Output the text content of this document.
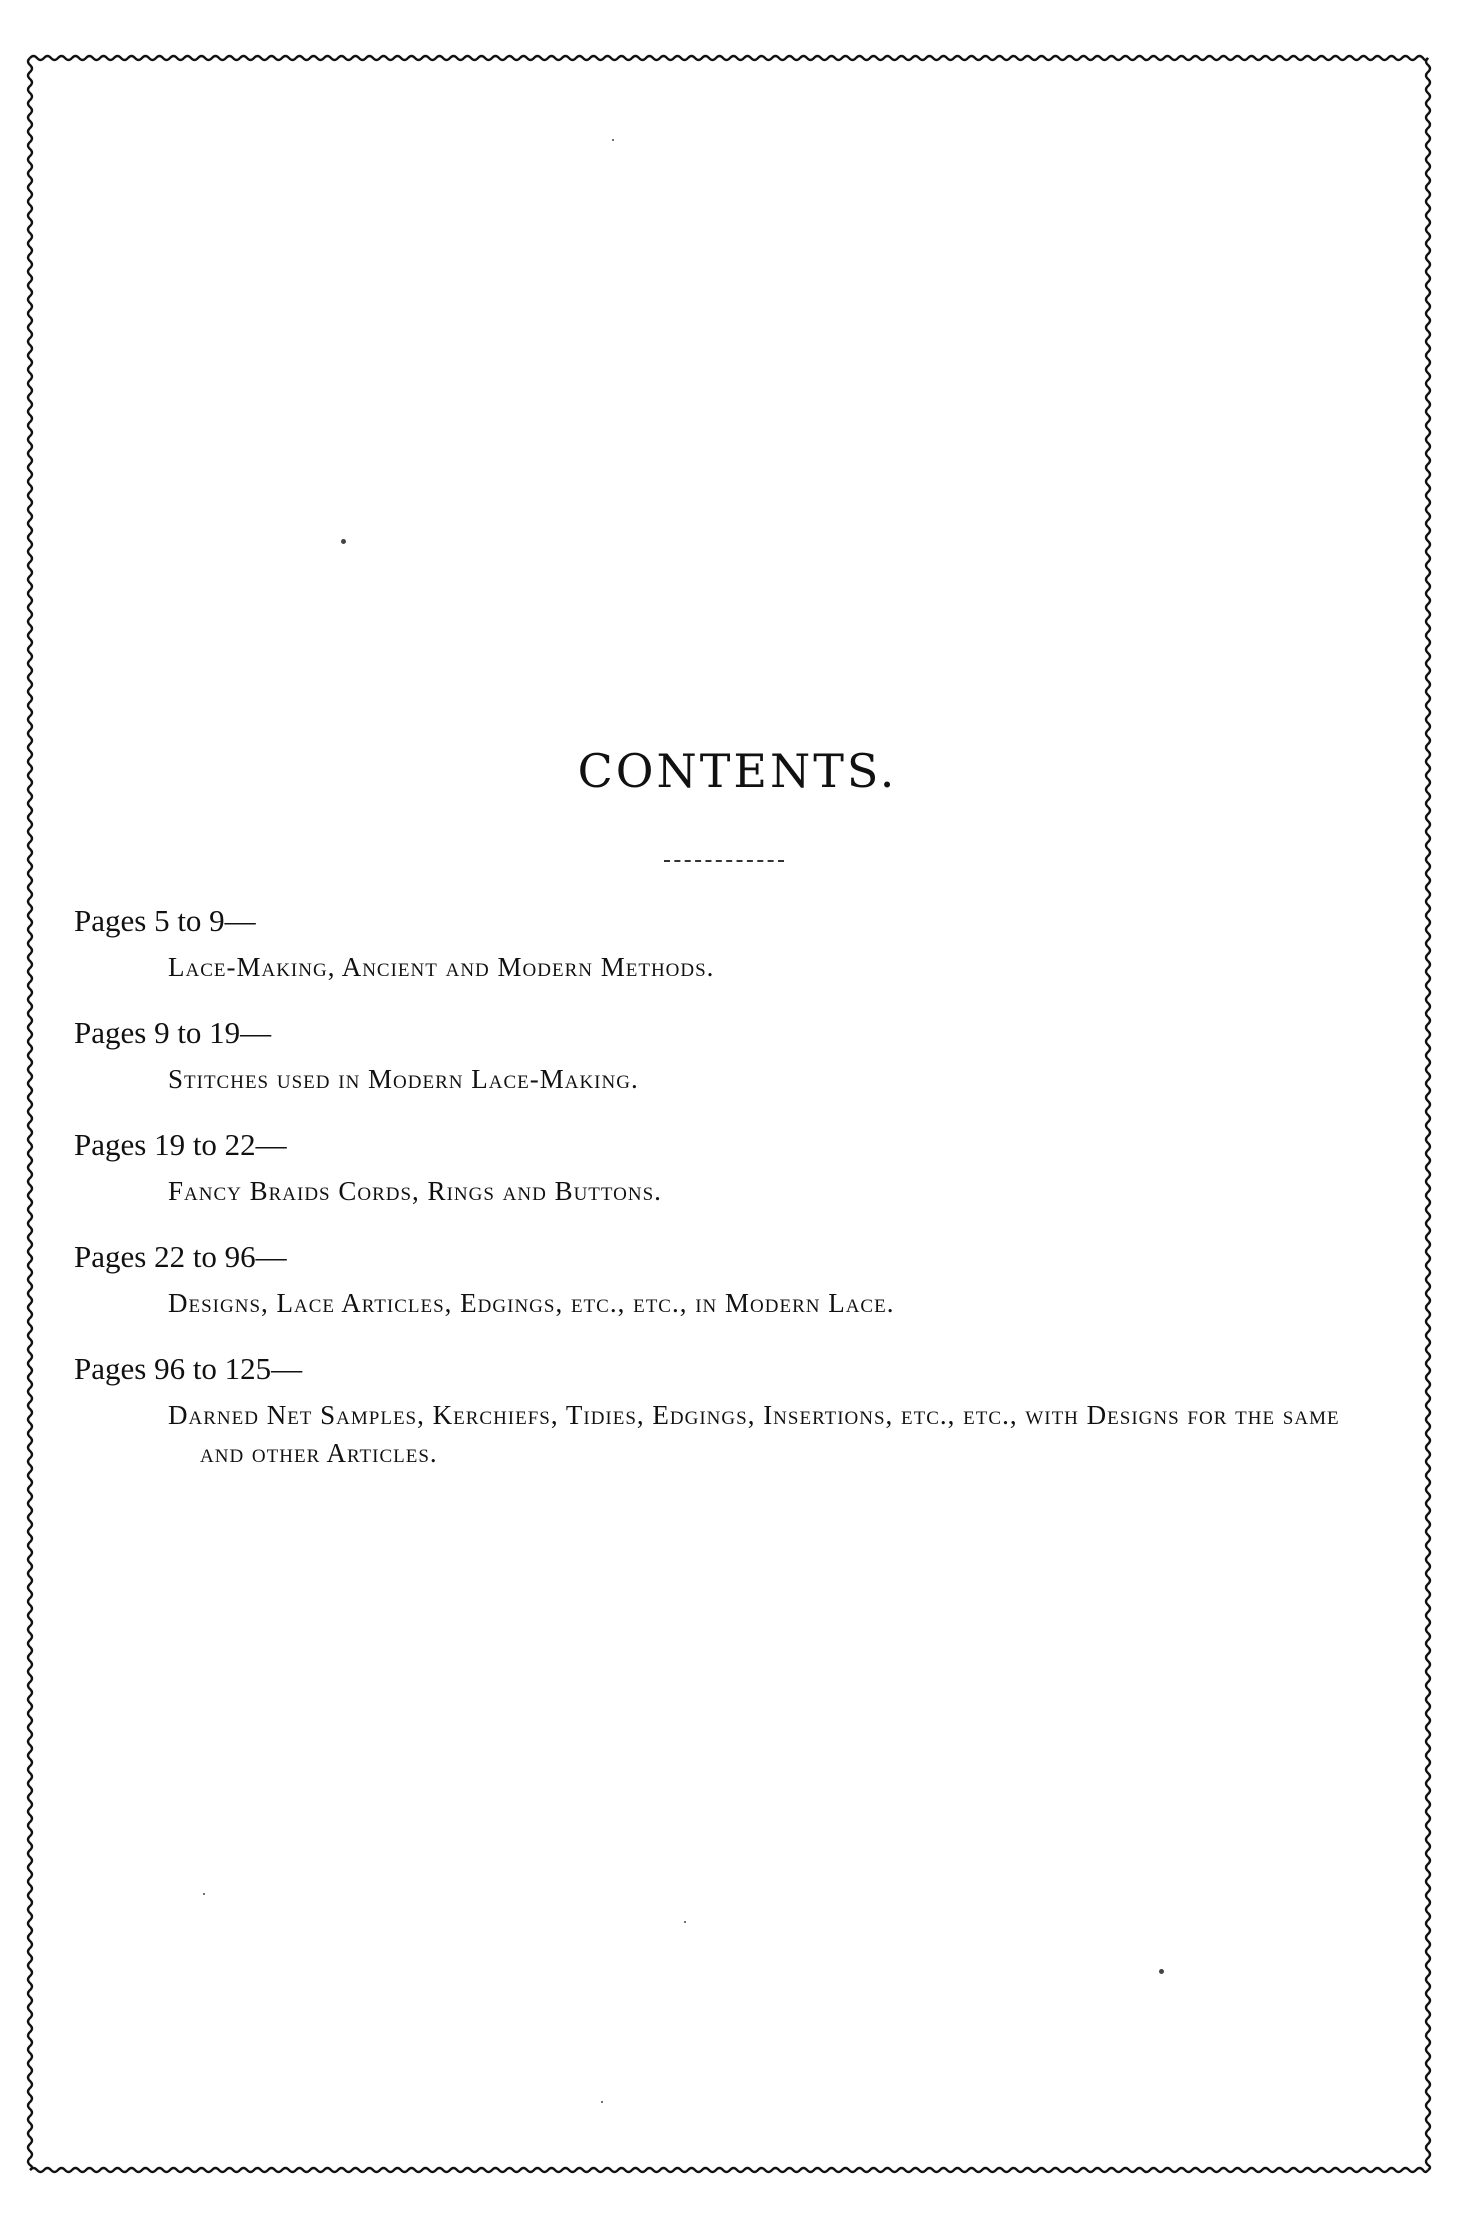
CONTENTS.
Pages 5 to 9—
Lace-Making, Ancient and Modern Methods.
Pages 9 to 19—
Stitches used in Modern Lace-Making.
Pages 19 to 22—
Fancy Braids Cords, Rings and Buttons.
Pages 22 to 96—
Designs, Lace Articles, Edgings, etc., etc., in Modern Lace.
Pages 96 to 125—
Darned Net Samples, Kerchiefs, Tidies, Edgings, Insertions, etc., etc., with Designs for the same and other Articles.
